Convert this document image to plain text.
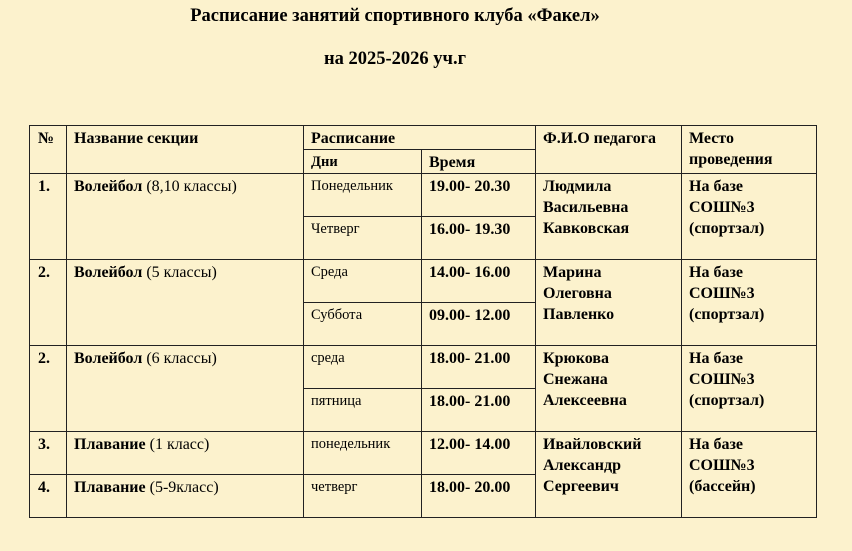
Расписание занятий спортивного клуба «Факел»
на 2025-2026 уч.г
№	Название секции	Расписание		Ф.И.О педагога	Место проведения
		Дни	Время		
1.	Волейбол (8,10 классы)	Понедельник	19.00- 20.30	Людмила Васильевна Кавковская	На базе СОШ№3 (спортзал)
		Четверг	16.00- 19.30		
2.	Волейбол (5 классы)	Среда	14.00- 16.00	Марина Олеговна Павленко	На базе СОШ№3 (спортзал)
		Суббота	09.00- 12.00		
2.	Волейбол (6 классы)	среда	18.00- 21.00	Крюкова Снежана Алексеевна	На базе СОШ№3 (спортзал)
		пятница	18.00- 21.00		
3.	Плавание (1 класс)	понедельник	12.00- 14.00	Ивайловский Александр Сергеевич	На базе СОШ№3 (бассейн)
4.	Плавание (5-9класс)	четверг	18.00- 20.00		
